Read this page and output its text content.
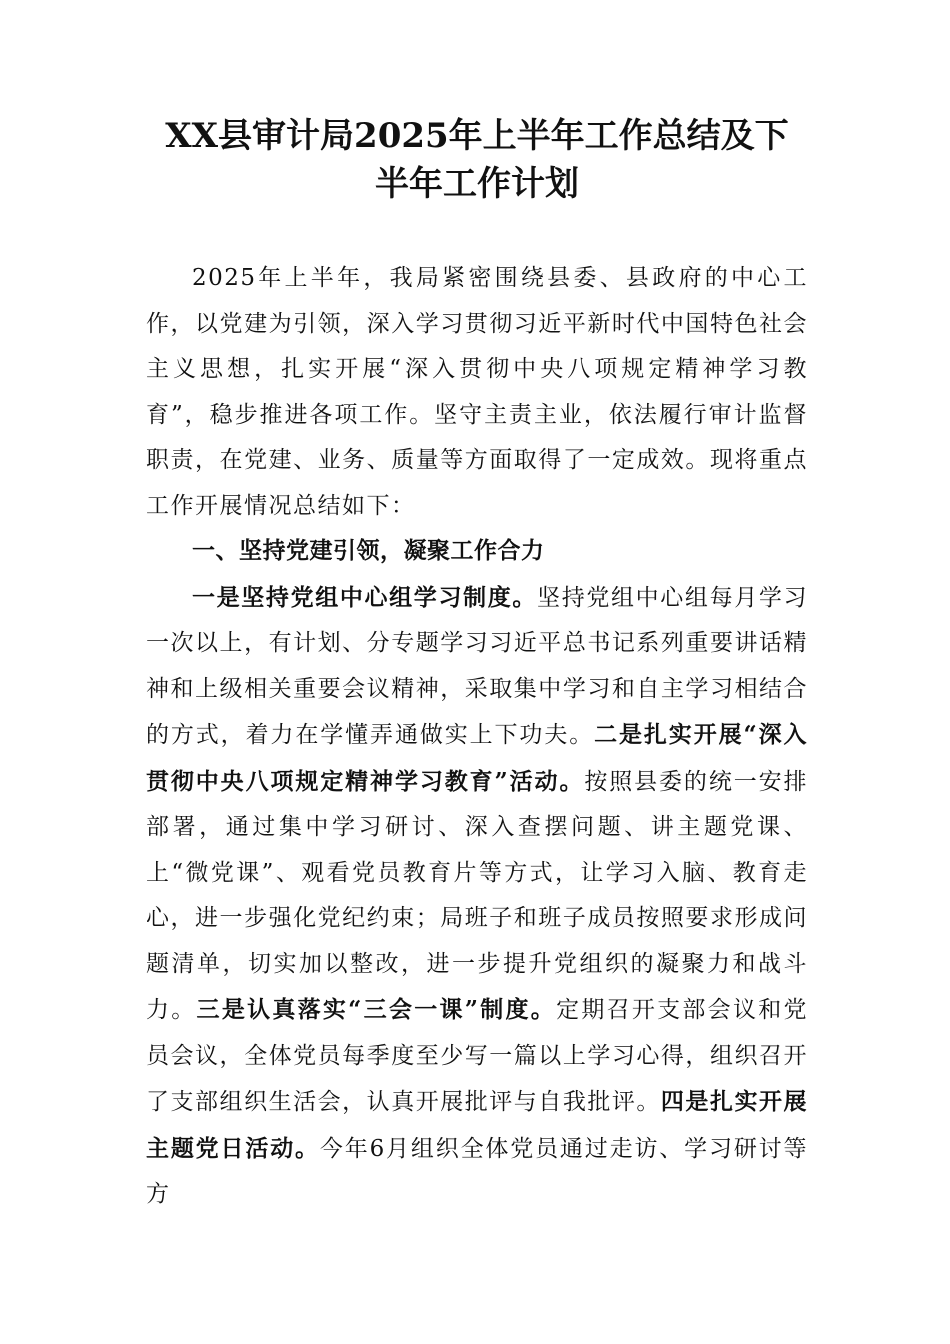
XX县审计局2025年上半年工作总结及下
半年工作计划

2025年上半年，我局紧密围绕县委、县政府的中心工作，以党建为引领，深入学习贯彻习近平新时代中国特色社会主义思想，扎实开展“深入贯彻中央八项规定精神学习教育”，稳步推进各项工作。坚守主责主业，依法履行审计监督职责，在党建、业务、质量等方面取得了一定成效。现将重点工作开展情况总结如下：

一、坚持党建引领，凝聚工作合力

一是坚持党组中心组学习制度。坚持党组中心组每月学习一次以上，有计划、分专题学习习近平总书记系列重要讲话精神和上级相关重要会议精神，采取集中学习和自主学习相结合的方式，着力在学懂弄通做实上下功夫。二是扎实开展“深入贯彻中央八项规定精神学习教育”活动。按照县委的统一安排部署，通过集中学习研讨、深入查摆问题、讲主题党课、上“微党课”、观看党员教育片等方式，让学习入脑、教育走心，进一步强化党纪约束；局班子和班子成员按照要求形成问题清单，切实加以整改，进一步提升党组织的凝聚力和战斗力。三是认真落实“三会一课”制度。定期召开支部会议和党员会议，全体党员每季度至少写一篇以上学习心得，组织召开了支部组织生活会，认真开展批评与自我批评。四是扎实开展主题党日活动。今年6月组织全体党员通过走访、学习研讨等方
